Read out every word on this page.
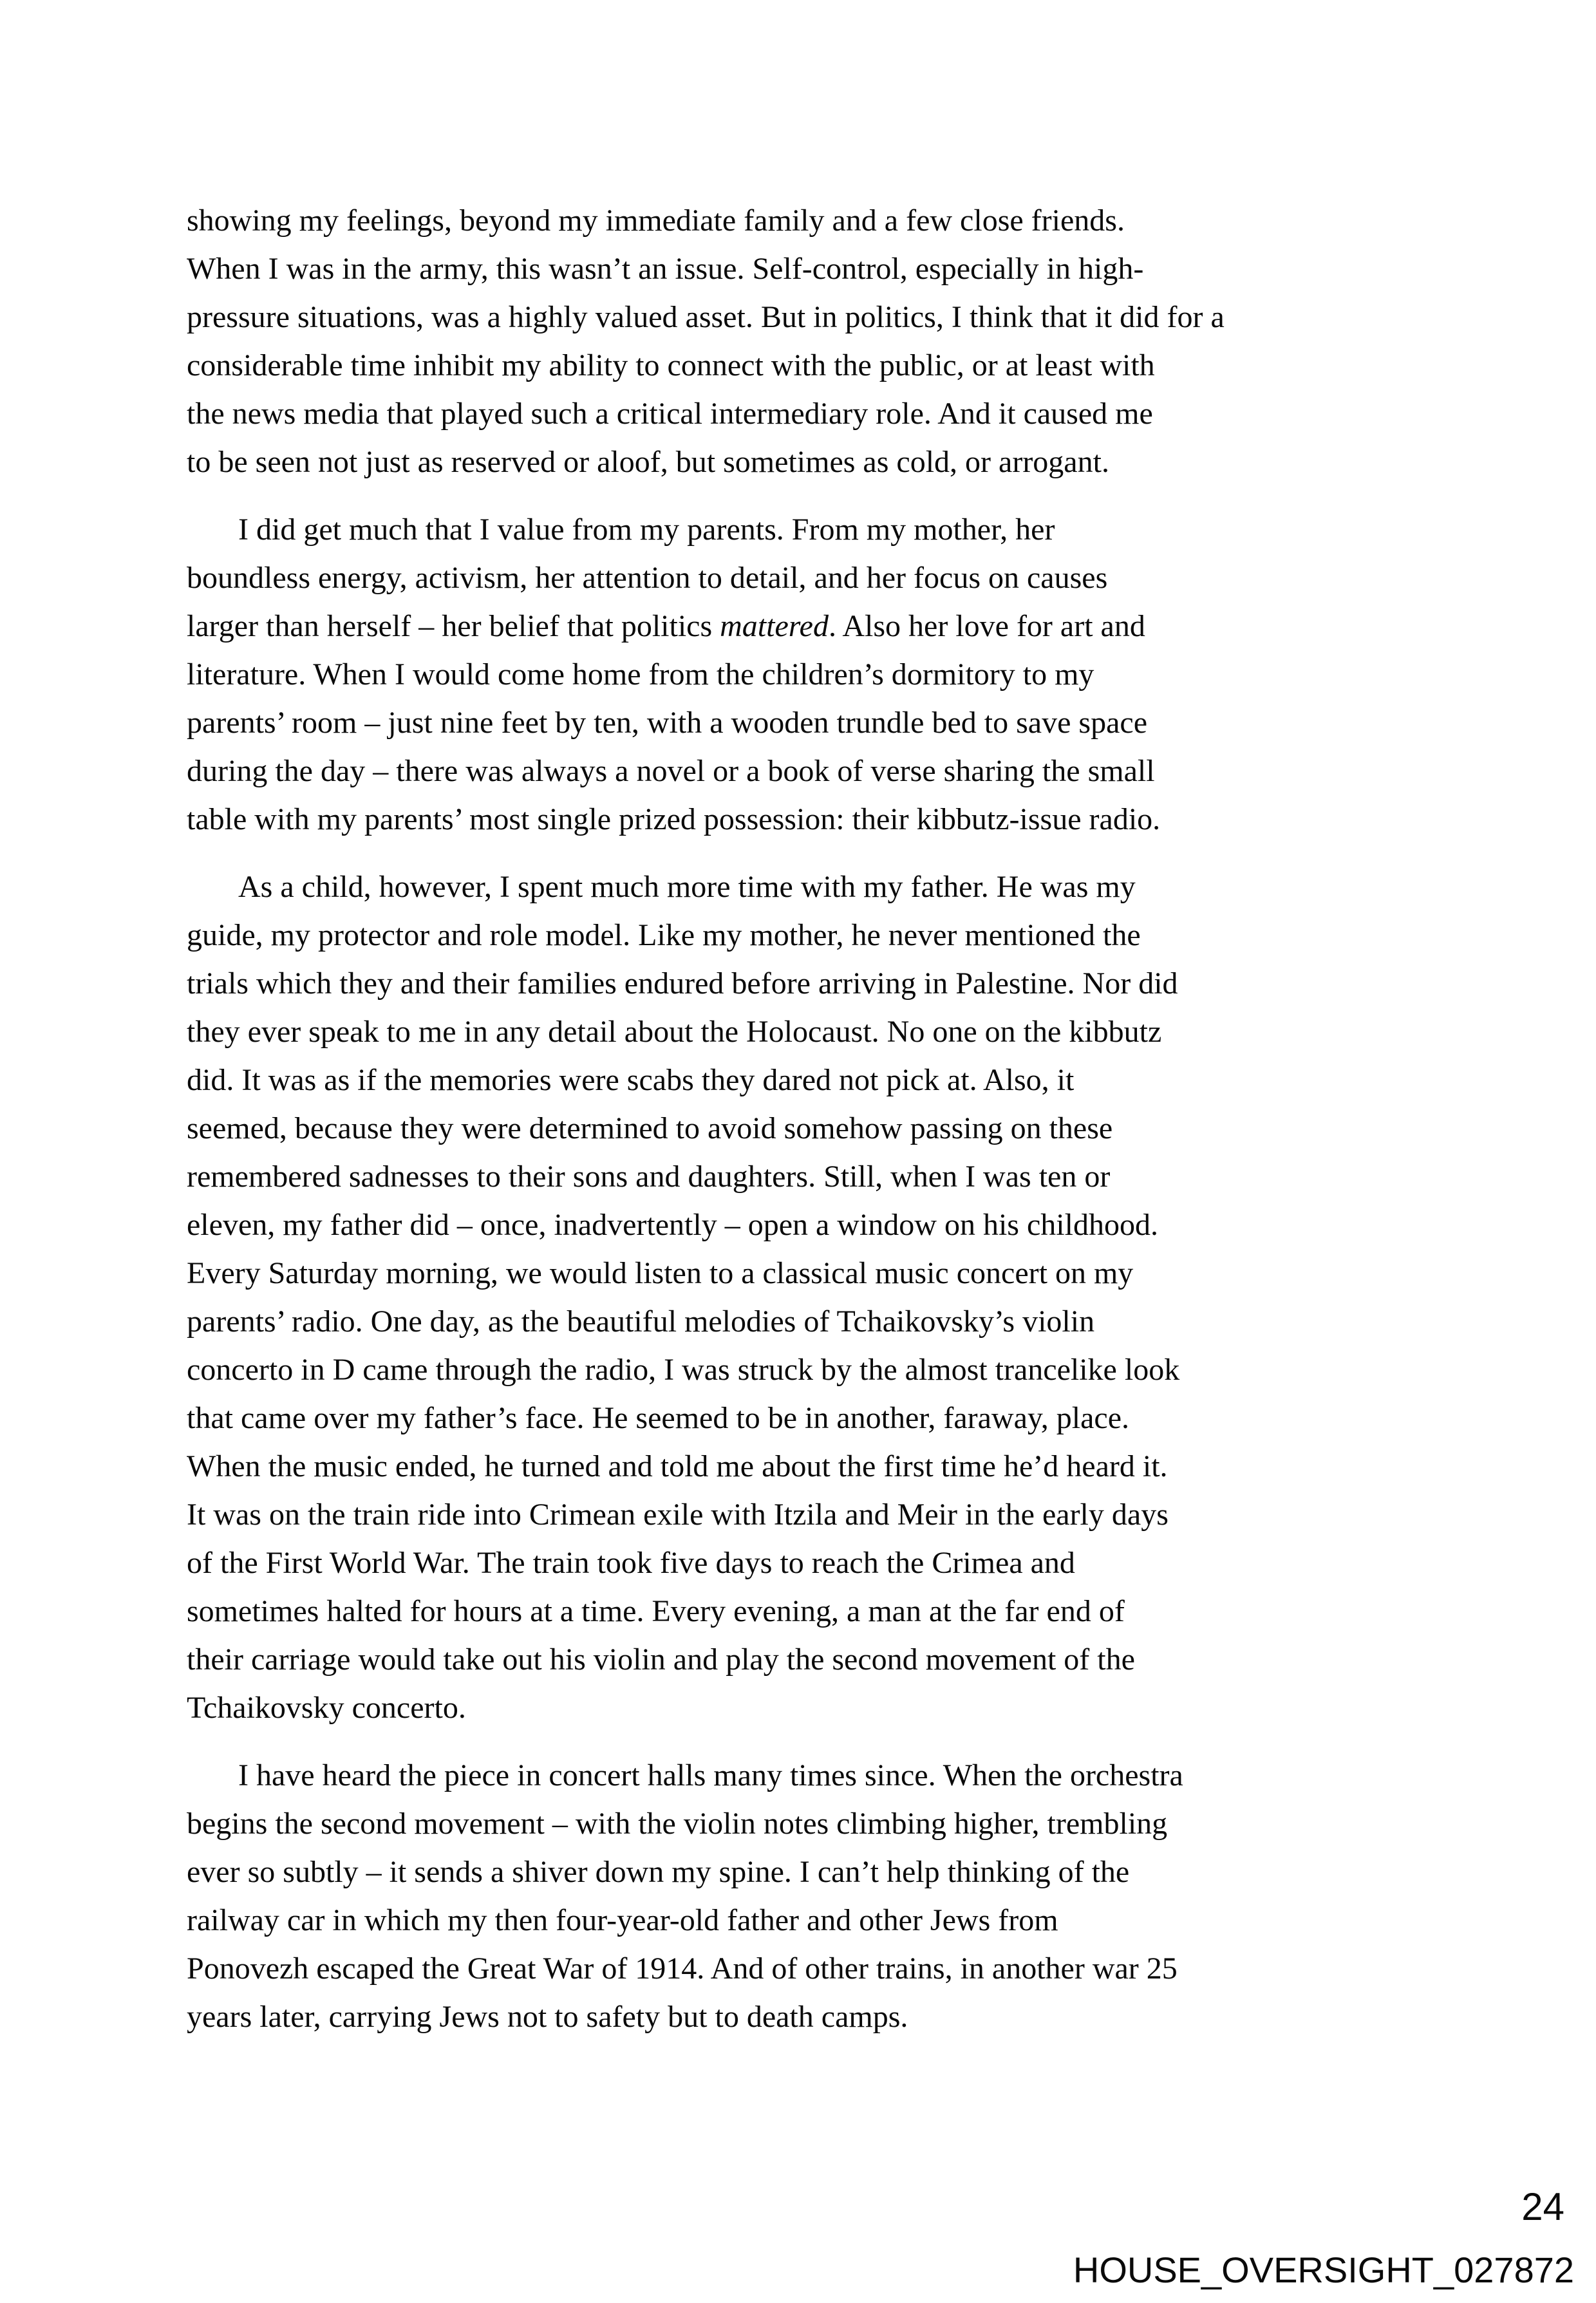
showing my feelings, beyond my immediate family and a few close friends.
When I was in the army, this wasn’t an issue. Self-control, especially in high-
pressure situations, was a highly valued asset. But in politics, I think that it did for a
considerable time inhibit my ability to connect with the public, or at least with
the news media that played such a critical intermediary role. And it caused me
to be seen not just as reserved or aloof, but sometimes as cold, or arrogant.
I did get much that I value from my parents. From my mother, her
boundless energy, activism, her attention to detail, and her focus on causes
larger than herself – her belief that politics mattered. Also her love for art and
literature. When I would come home from the children’s dormitory to my
parents’ room – just nine feet by ten, with a wooden trundle bed to save space
during the day – there was always a novel or a book of verse sharing the small
table with my parents’ most single prized possession: their kibbutz-issue radio.
As a child, however, I spent much more time with my father. He was my
guide, my protector and role model. Like my mother, he never mentioned the
trials which they and their families endured before arriving in Palestine. Nor did
they ever speak to me in any detail about the Holocaust. No one on the kibbutz
did. It was as if the memories were scabs they dared not pick at. Also, it
seemed, because they were determined to avoid somehow passing on these
remembered sadnesses to their sons and daughters. Still, when I was ten or
eleven, my father did – once, inadvertently – open a window on his childhood.
Every Saturday morning, we would listen to a classical music concert on my
parents’ radio. One day, as the beautiful melodies of Tchaikovsky’s violin
concerto in D came through the radio, I was struck by the almost trancelike look
that came over my father’s face. He seemed to be in another, faraway, place.
When the music ended, he turned and told me about the first time he’d heard it.
It was on the train ride into Crimean exile with Itzila and Meir in the early days
of the First World War. The train took five days to reach the Crimea and
sometimes halted for hours at a time. Every evening, a man at the far end of
their carriage would take out his violin and play the second movement of the
Tchaikovsky concerto.
I have heard the piece in concert halls many times since. When the orchestra
begins the second movement – with the violin notes climbing higher, trembling
ever so subtly – it sends a shiver down my spine. I can’t help thinking of the
railway car in which my then four-year-old father and other Jews from
Ponovezh escaped the Great War of 1914. And of other trains, in another war 25
years later, carrying Jews not to safety but to death camps.
24
HOUSE_OVERSIGHT_027872
